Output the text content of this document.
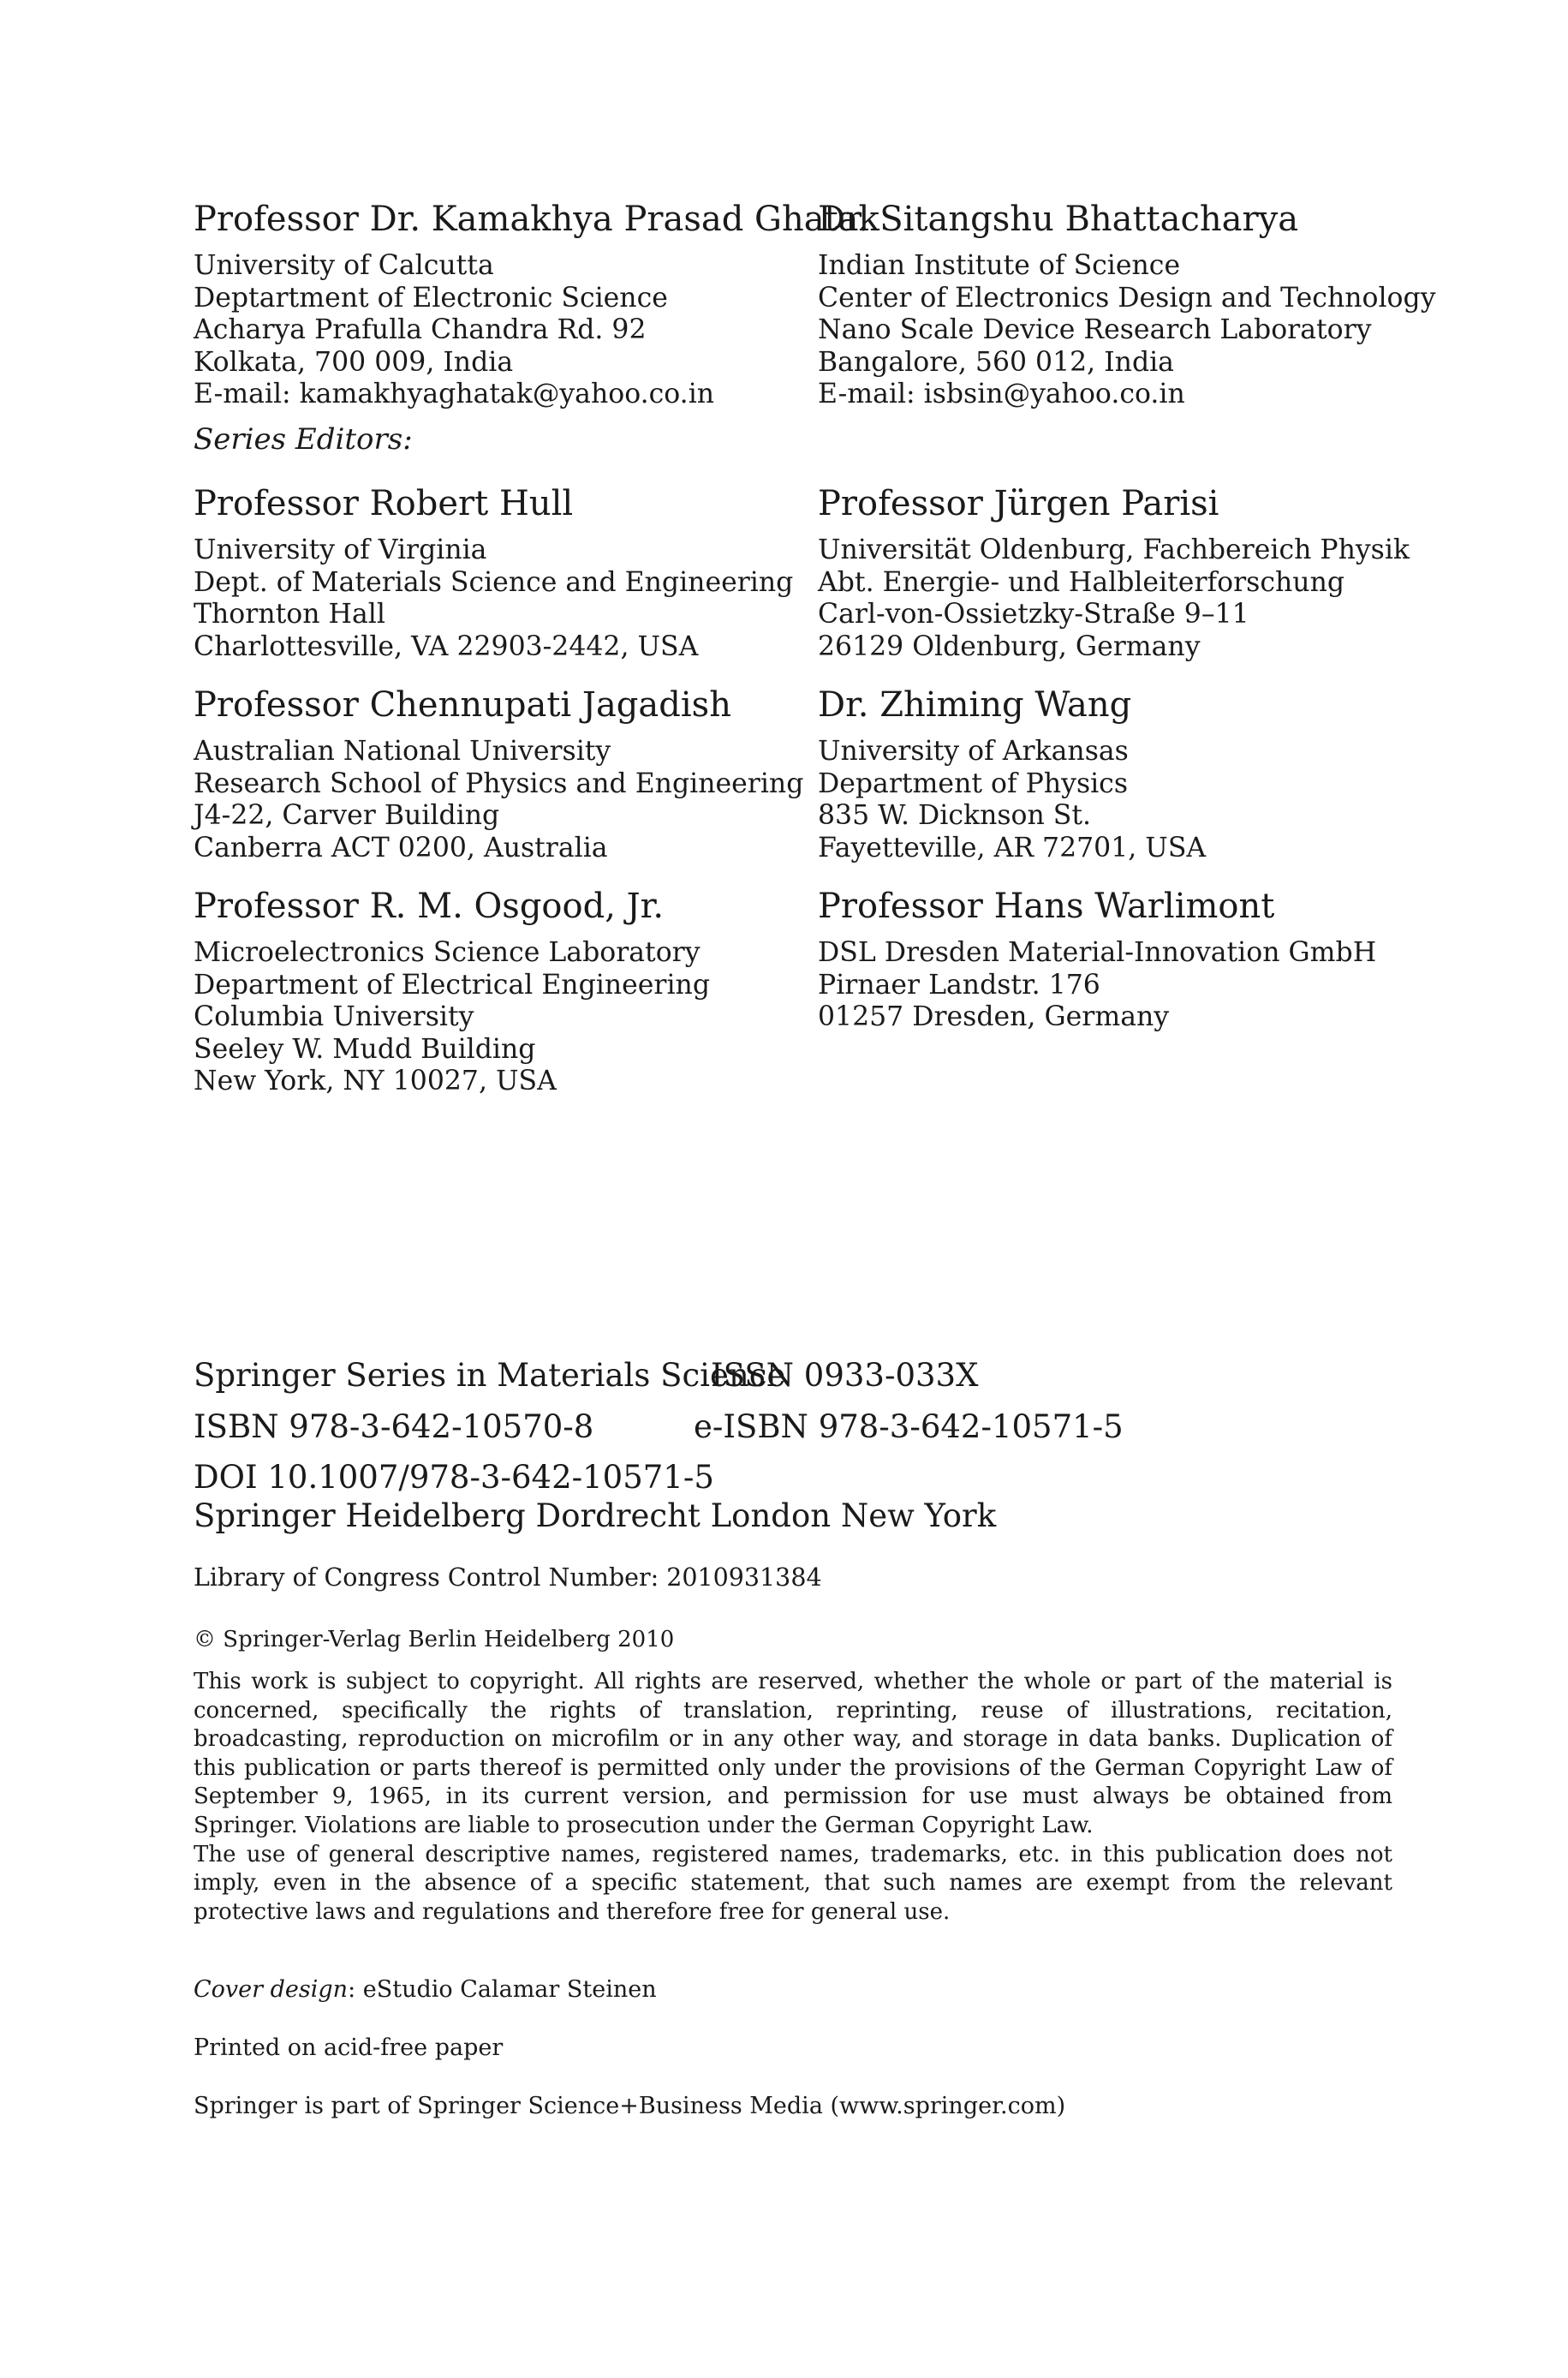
Professor Dr. Kamakhya Prasad Ghatak
University of Calcutta
Deptartment of Electronic Science
Acharya Prafulla Chandra Rd. 92
Kolkata, 700 009, India
E-mail: kamakhyaghatak@yahoo.co.in
Dr. Sitangshu Bhattacharya
Indian Institute of Science
Center of Electronics Design and Technology
Nano Scale Device Research Laboratory
Bangalore, 560 012, India
E-mail: isbsin@yahoo.co.in
Series Editors:
Professor Robert Hull
University of Virginia
Dept. of Materials Science and Engineering
Thornton Hall
Charlottesville, VA 22903-2442, USA
Professor Jürgen Parisi
Universität Oldenburg, Fachbereich Physik
Abt. Energie- und Halbleiterforschung
Carl-von-Ossietzky-Straße 9–11
26129 Oldenburg, Germany
Professor Chennupati Jagadish
Australian National University
Research School of Physics and Engineering
J4-22, Carver Building
Canberra ACT 0200, Australia
Dr. Zhiming Wang
University of Arkansas
Department of Physics
835 W. Dicknson St.
Fayetteville, AR 72701, USA
Professor R. M. Osgood, Jr.
Microelectronics Science Laboratory
Department of Electrical Engineering
Columbia University
Seeley W. Mudd Building
New York, NY 10027, USA
Professor Hans Warlimont
DSL Dresden Material-Innovation GmbH
Pirnaer Landstr. 176
01257 Dresden, Germany
Springer Series in Materials Science
ISSN 0933-033X
ISBN 978-3-642-10570-8	e-ISBN 978-3-642-10571-5
DOI 10.1007/978-3-642-10571-5
Springer Heidelberg Dordrecht London New York
Library of Congress Control Number: 2010931384
© Springer-Verlag Berlin Heidelberg 2010

This work is subject to copyright. All rights are reserved, whether the whole or part of the material is concerned, specifically the rights of translation, reprinting, reuse of illustrations, recitation, broadcasting, reproduction on microfilm or in any other way, and storage in data banks. Duplication of this publication or parts thereof is permitted only under the provisions of the German Copyright Law of September 9, 1965, in its current version, and permission for use must always be obtained from Springer. Violations are liable to prosecution under the German Copyright Law.

The use of general descriptive names, registered names, trademarks, etc. in this publication does not imply, even in the absence of a specific statement, that such names are exempt from the relevant protective laws and regulations and therefore free for general use.

Cover design: eStudio Calamar Steinen
Printed on acid-free paper
Springer is part of Springer Science+Business Media (www.springer.com)
